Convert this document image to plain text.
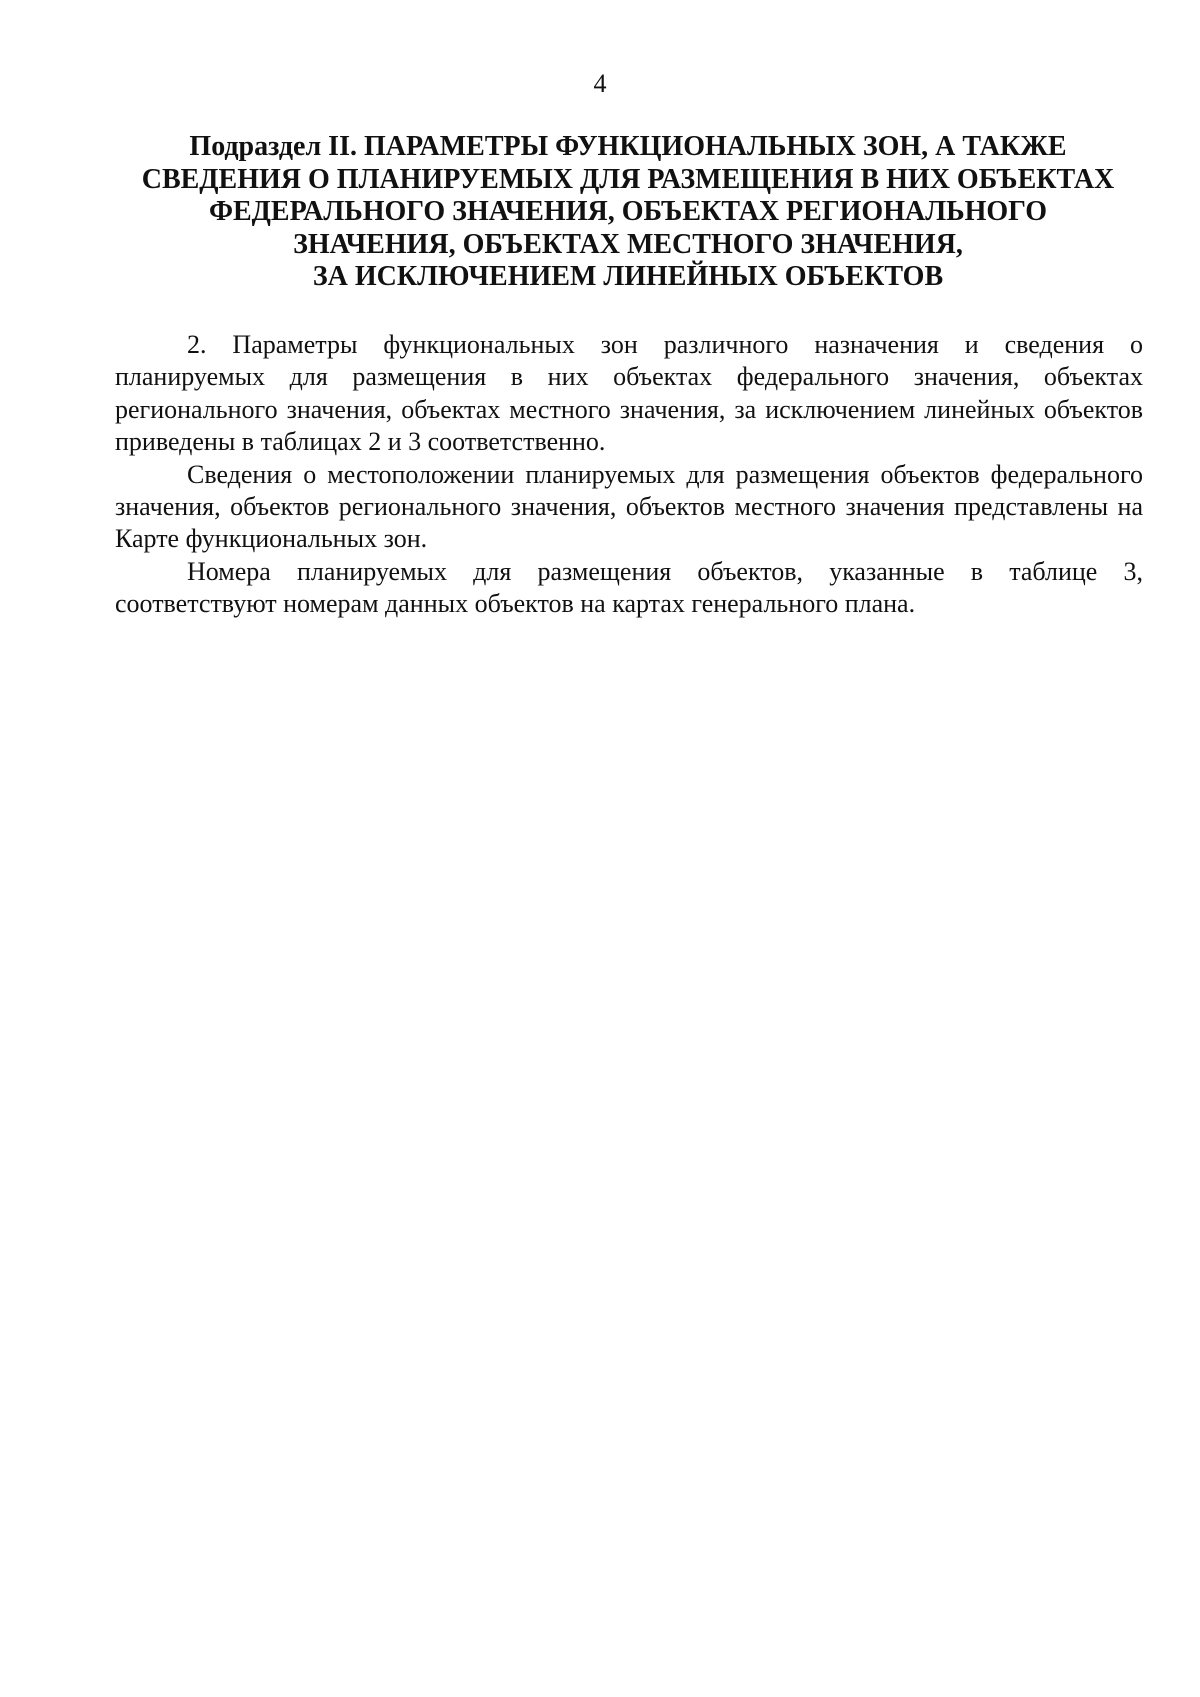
4
Подраздел II. ПАРАМЕТРЫ ФУНКЦИОНАЛЬНЫХ ЗОН, А ТАКЖЕ
СВЕДЕНИЯ О ПЛАНИРУЕМЫХ ДЛЯ РАЗМЕЩЕНИЯ В НИХ ОБЪЕКТАХ
ФЕДЕРАЛЬНОГО ЗНАЧЕНИЯ, ОБЪЕКТАХ РЕГИОНАЛЬНОГО
ЗНАЧЕНИЯ, ОБЪЕКТАХ МЕСТНОГО ЗНАЧЕНИЯ,
ЗА ИСКЛЮЧЕНИЕМ ЛИНЕЙНЫХ ОБЪЕКТОВ

2. Параметры функциональных зон различного назначения и сведения о планируемых для размещения в них объектах федерального значения, объектах регионального значения, объектах местного значения, за исключением линейных объектов приведены в таблицах 2 и 3 соответственно.

Сведения о местоположении планируемых для размещения объектов федерального значения, объектов регионального значения, объектов местного значения представлены на Карте функциональных зон.

Номера планируемых для размещения объектов, указанные в таблице 3, соответствуют номерам данных объектов на картах генерального плана.
